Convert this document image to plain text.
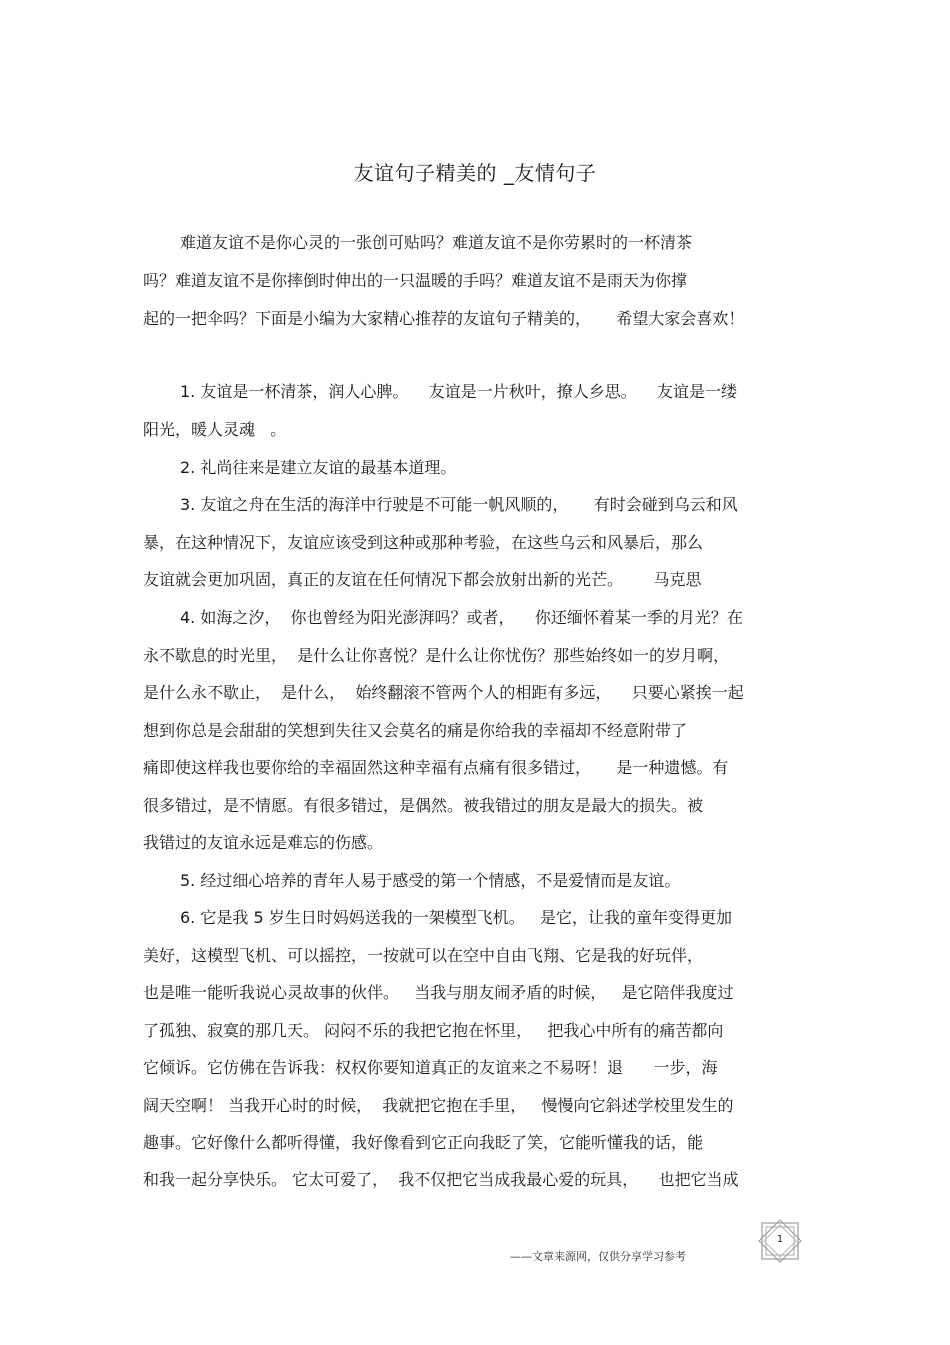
友谊句子精美的 _友情句子
难道友谊不是你心灵的一张创可贴吗？难道友谊不是你劳累时的一杯清茶
吗？难道友谊不是你摔倒时伸出的一只温暖的手吗？难道友谊不是雨天为你撑
起的一把伞吗？下面是小编为大家精心推荐的友谊句子精美的，     希望大家会喜欢！
1. 友谊是一杯清茶，润人心脾。    友谊是一片秋叶，撩人乡思。    友谊是一缕
阳光，暖人灵魂   。
2. 礼尚往来是建立友谊的最基本道理。
3. 友谊之舟在生活的海洋中行驶是不可能一帆风顺的，     有时会碰到乌云和风
暴，在这种情况下，友谊应该受到这种或那种考验，在这些乌云和风暴后，那么
友谊就会更加巩固，真正的友谊在任何情况下都会放射出新的光芒。      马克思
4. 如海之汐，  你也曾经为阳光澎湃吗？或者，    你还缅怀着某一季的月光？在
永不歇息的时光里，  是什么让你喜悦？是什么让你忧伤？那些始终如一的岁月啊，
是什么永不歇止，  是什么，  始终翻滚不管两个人的相距有多远，    只要心紧挨一起
想到你总是会甜甜的笑想到失往又会莫名的痛是你给我的幸福却不经意附带了
痛即使这样我也要你给的幸福固然这种幸福有点痛有很多错过，     是一种遗憾。有
很多错过，是不情愿。有很多错过，是偶然。被我错过的朋友是最大的损失。被
我错过的友谊永远是难忘的伤感。
5. 经过细心培养的青年人易于感受的第一个情感，不是爱情而是友谊。
6. 它是我 5 岁生日时妈妈送我的一架模型飞机。   是它，让我的童年变得更加
美好，这模型飞机、可以摇控，一按就可以在空中自由飞翔、它是我的好玩伴，
也是唯一能听我说心灵故事的伙伴。   当我与朋友闹矛盾的时候，   是它陪伴我度过
了孤独、寂寞的那几天。 闷闷不乐的我把它抱在怀里，   把我心中所有的痛苦都向
它倾诉。它仿佛在告诉我：权权你要知道真正的友谊来之不易呀！退      一步，海
阔天空啊！ 当我开心时的时候，  我就把它抱在手里，   慢慢向它斜述学校里发生的
趣事。它好像什么都听得懂，我好像看到它正向我眨了笑，它能听懂我的话，能
和我一起分享快乐。 它太可爱了，  我不仅把它当成我最心爱的玩具，    也把它当成
1
——文章来源网，仅供分享学习参考
